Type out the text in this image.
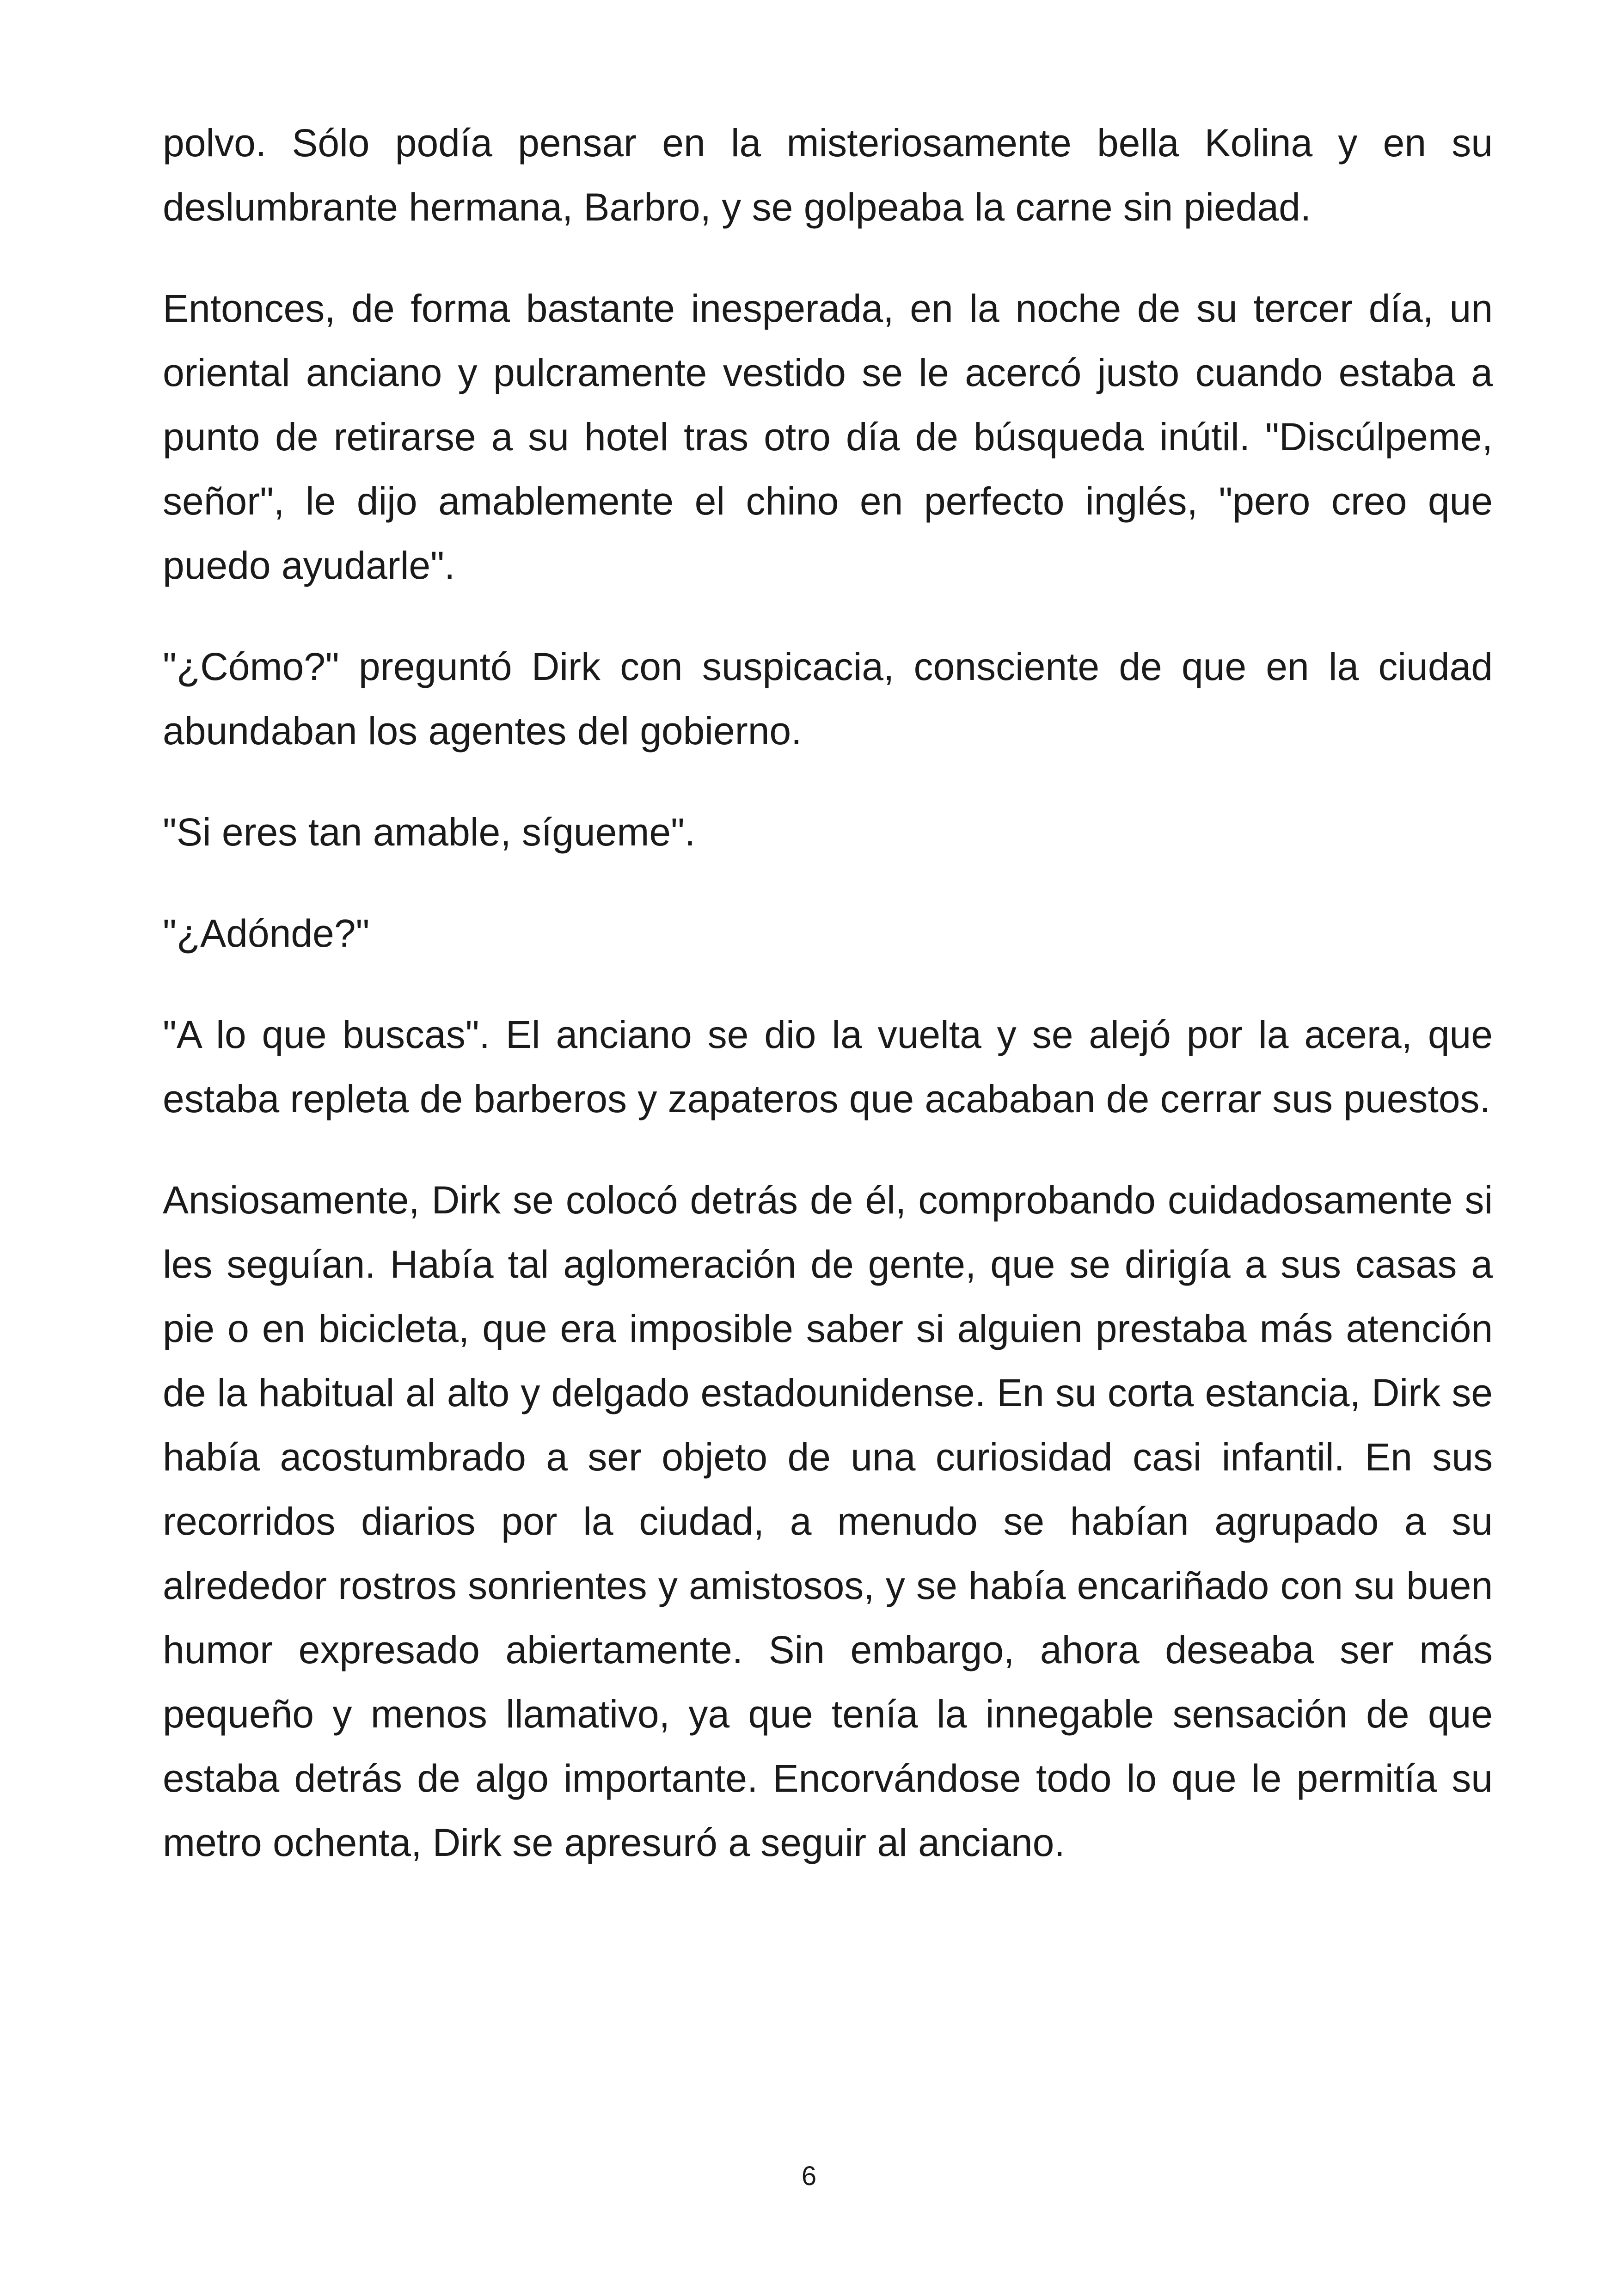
polvo. Sólo podía pensar en la misteriosamente bella Kolina y en su deslumbrante hermana, Barbro, y se golpeaba la carne sin piedad.

Entonces, de forma bastante inesperada, en la noche de su tercer día, un oriental anciano y pulcramente vestido se le acercó justo cuando estaba a punto de retirarse a su hotel tras otro día de búsqueda inútil. "Discúlpeme, señor", le dijo amablemente el chino en perfecto inglés, "pero creo que puedo ayudarle".

"¿Cómo?" preguntó Dirk con suspicacia, consciente de que en la ciudad abundaban los agentes del gobierno.

"Si eres tan amable, sígueme".

"¿Adónde?"

"A lo que buscas". El anciano se dio la vuelta y se alejó por la acera, que estaba repleta de barberos y zapateros que acababan de cerrar sus puestos.

Ansiosamente, Dirk se colocó detrás de él, comprobando cuidadosamente si les seguían. Había tal aglomeración de gente, que se dirigía a sus casas a pie o en bicicleta, que era imposible saber si alguien prestaba más atención de la habitual al alto y delgado estadounidense. En su corta estancia, Dirk se había acostumbrado a ser objeto de una curiosidad casi infantil. En sus recorridos diarios por la ciudad, a menudo se habían agrupado a su alrededor rostros sonrientes y amistosos, y se había encariñado con su buen humor expresado abiertamente. Sin embargo, ahora deseaba ser más pequeño y menos llamativo, ya que tenía la innegable sensación de que estaba detrás de algo importante. Encorvándose todo lo que le permitía su metro ochenta, Dirk se apresuró a seguir al anciano.

6
